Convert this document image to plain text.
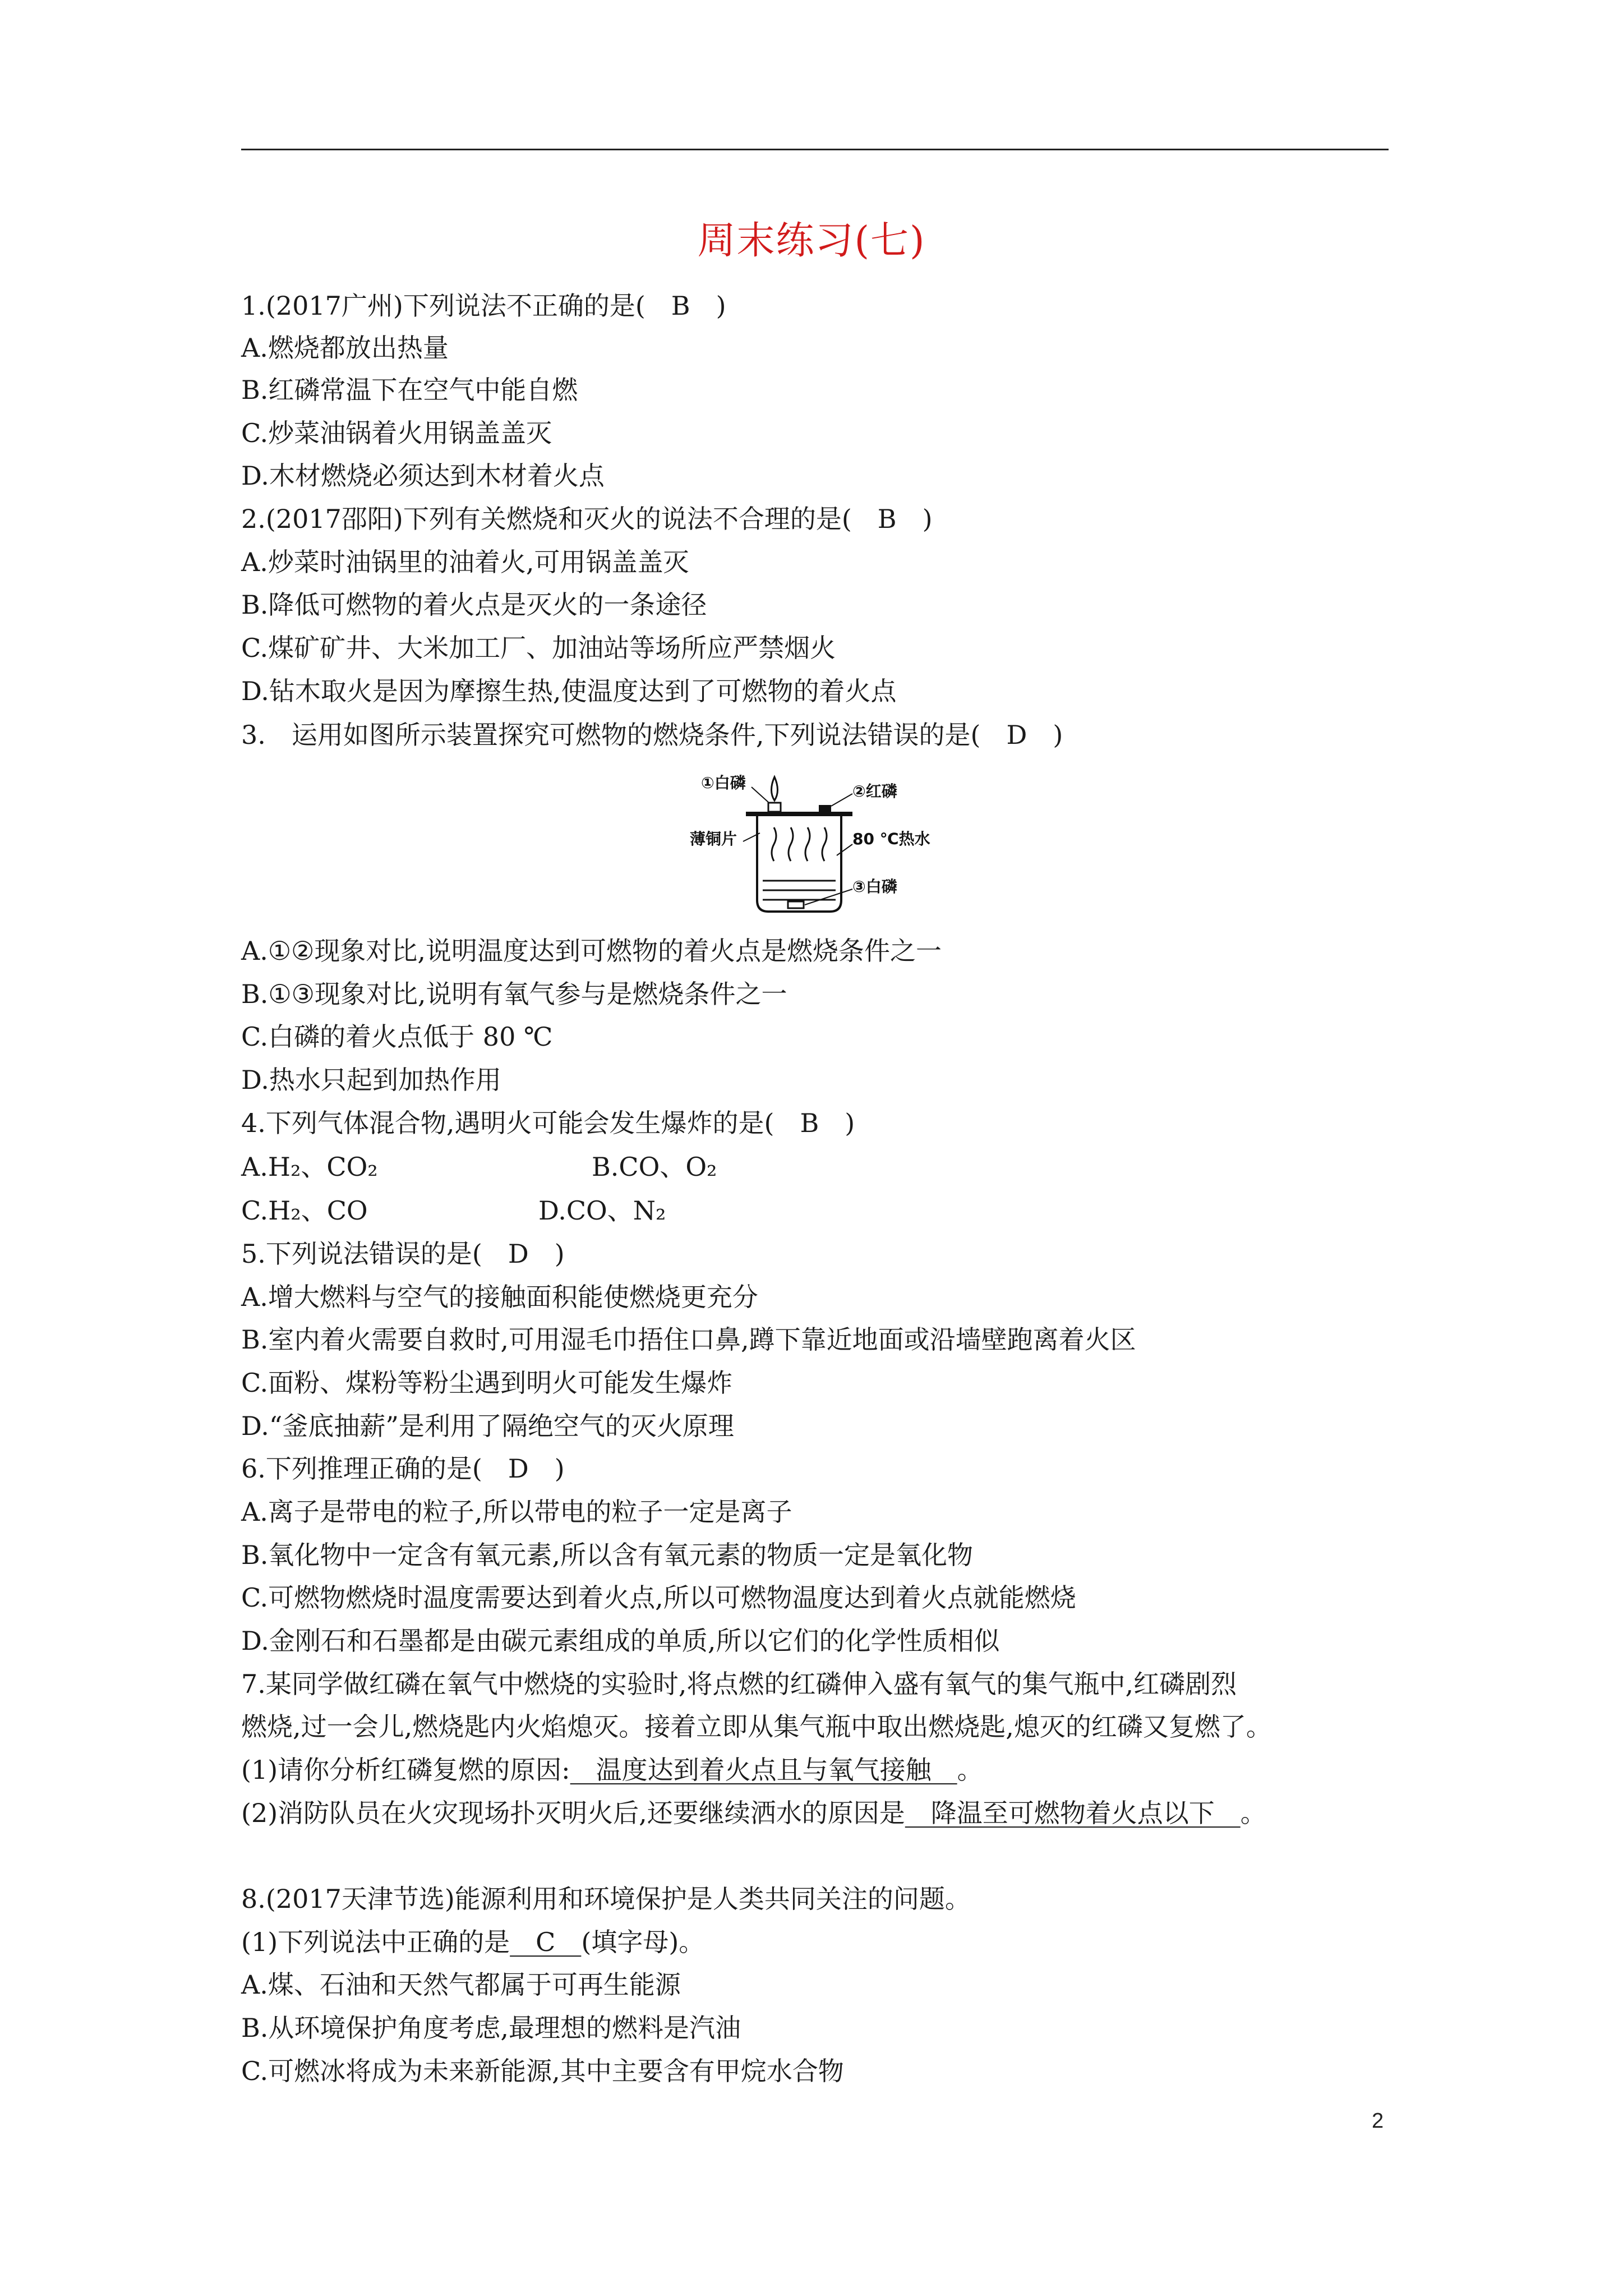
周末练习(七)
1.(2017广州)下列说法不正确的是(　B　)
A.燃烧都放出热量
B.红磷常温下在空气中能自燃
C.炒菜油锅着火用锅盖盖灭
D.木材燃烧必须达到木材着火点
2.(2017邵阳)下列有关燃烧和灭火的说法不合理的是(　B　)
A.炒菜时油锅里的油着火,可用锅盖盖灭
B.降低可燃物的着火点是灭火的一条途径
C.煤矿矿井、大米加工厂、加油站等场所应严禁烟火
D.钻木取火是因为摩擦生热,使温度达到了可燃物的着火点
3.　运用如图所示装置探究可燃物的燃烧条件,下列说法错误的是(　D　)
①白磷	②红磷
薄铜片	80 ℃热水
③白磷
A.①②现象对比,说明温度达到可燃物的着火点是燃烧条件之一
B.①③现象对比,说明有氧气参与是燃烧条件之一
C.白磷的着火点低于 80 ℃
D.热水只起到加热作用
4.下列气体混合物,遇明火可能会发生爆炸的是(　B　)
A.H₂、CO₂	B.CO、O₂
C.H₂、CO	D.CO、N₂
5.下列说法错误的是(　D　)
A.增大燃料与空气的接触面积能使燃烧更充分
B.室内着火需要自救时,可用湿毛巾捂住口鼻,蹲下靠近地面或沿墙壁跑离着火区
C.面粉、煤粉等粉尘遇到明火可能发生爆炸
D.“釜底抽薪”是利用了隔绝空气的灭火原理
6.下列推理正确的是(　D　)
A.离子是带电的粒子,所以带电的粒子一定是离子
B.氧化物中一定含有氧元素,所以含有氧元素的物质一定是氧化物
C.可燃物燃烧时温度需要达到着火点,所以可燃物温度达到着火点就能燃烧
D.金刚石和石墨都是由碳元素组成的单质,所以它们的化学性质相似
7.某同学做红磷在氧气中燃烧的实验时,将点燃的红磷伸入盛有氧气的集气瓶中,红磷剧烈
燃烧,过一会儿,燃烧匙内火焰熄灭。接着立即从集气瓶中取出燃烧匙,熄灭的红磷又复燃了。
(1)请你分析红磷复燃的原因:　温度达到着火点且与氧气接触　。
(2)消防队员在火灾现场扑灭明火后,还要继续洒水的原因是　降温至可燃物着火点以下　。
8.(2017天津节选)能源利用和环境保护是人类共同关注的问题。
(1)下列说法中正确的是　C　(填字母)。
A.煤、石油和天然气都属于可再生能源
B.从环境保护角度考虑,最理想的燃料是汽油
C.可燃冰将成为未来新能源,其中主要含有甲烷水合物
2
